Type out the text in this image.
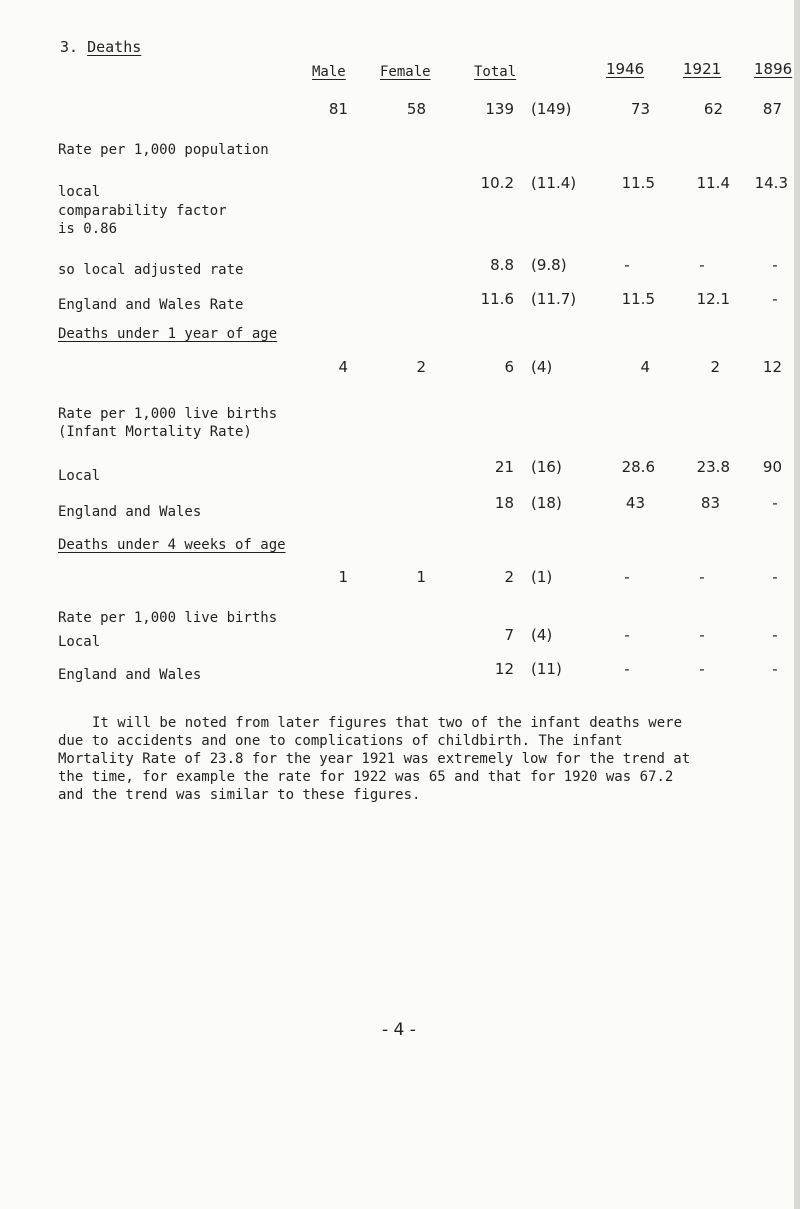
3. Deaths
Male Female	Total	1946	1921 1896
81	58	139 (149)	73	62	87
Rate per 1,000 population
local	10.2 (11.4)	11.5	11.4	14.3
comparability factor
is 0.86
so local adjusted rate	8.8 (9.8)	-	-	-
England and Wales Rate	11.6 (11.7)	11.5	12.1	-
Deaths under 1 year of age
4	2	6 (4)	4	2	12
Rate per 1,000 live births
(Infant Mortality Rate)
Local	21 (16)	28.6	23.8	90
England and Wales	18 (18)	43	83	-
Deaths under 4 weeks of age
1	1	2 (1)	-	-	-
Rate per 1,000 live births
Local	7 (4)	-	-	-
England and Wales	12 (11)	-	-	-
It will be noted from later figures that two of the infant deaths were
due to accidents and one to complications of childbirth. The infant
Mortality Rate of 23.8 for the year 1921 was extremely low for the trend at
the time, for example the rate for 1922 was 65 and that for 1920 was 67.2
and the trend was similar to these figures.
- 4 -
